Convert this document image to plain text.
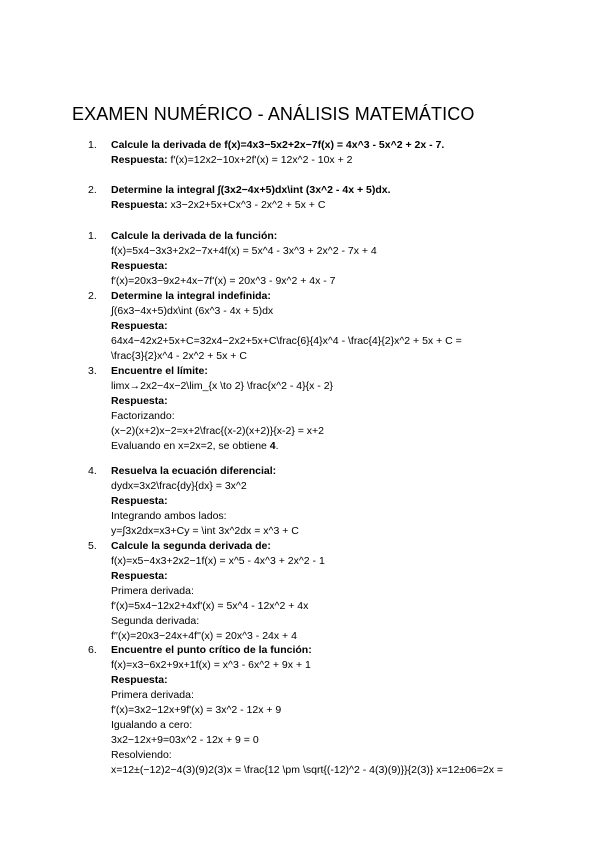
EXAMEN NUMÉRICO - ANÁLISIS MATEMÁTICO
1.	Calcule la derivada de f(x)=4x3−5x2+2x−7f(x) = 4x^3 - 5x^2 + 2x - 7.
Respuesta: f′(x)=12x2−10x+2f'(x) = 12x^2 - 10x + 2
2.	Determine la integral ∫(3x2−4x+5)dx\int (3x^2 - 4x + 5)dx.
Respuesta: x3−2x2+5x+Cx^3 - 2x^2 + 5x + C
1.	Calcule la derivada de la función:
f(x)=5x4−3x3+2x2−7x+4f(x) = 5x^4 - 3x^3 + 2x^2 - 7x + 4
Respuesta:
f′(x)=20x3−9x2+4x−7f'(x) = 20x^3 - 9x^2 + 4x - 7
2.	Determine la integral indefinida:
∫(6x3−4x+5)dx\int (6x^3 - 4x + 5)dx
Respuesta:
64x4−42x2+5x+C=32x4−2x2+5x+C\frac{6}{4}x^4 - \frac{4}{2}x^2 + 5x + C =
\frac{3}{2}x^4 - 2x^2 + 5x + C
3.	Encuentre el límite:
limx→2x2−4x−2\lim_{x \to 2} \frac{x^2 - 4}{x - 2}
Respuesta:
Factorizando:
(x−2)(x+2)x−2=x+2\frac{(x-2)(x+2)}{x-2} = x+2
Evaluando en x=2x=2, se obtiene 4.
4.	Resuelva la ecuación diferencial:
dydx=3x2\frac{dy}{dx} = 3x^2
Respuesta:
Integrando ambos lados:
y=∫3x2dx=x3+Cy = \int 3x^2dx = x^3 + C
5.	Calcule la segunda derivada de:
f(x)=x5−4x3+2x2−1f(x) = x^5 - 4x^3 + 2x^2 - 1
Respuesta:
Primera derivada:
f′(x)=5x4−12x2+4xf'(x) = 5x^4 - 12x^2 + 4x
Segunda derivada:
f′′(x)=20x3−24x+4f''(x) = 20x^3 - 24x + 4
6.	Encuentre el punto crítico de la función:
f(x)=x3−6x2+9x+1f(x) = x^3 - 6x^2 + 9x + 1
Respuesta:
Primera derivada:
f′(x)=3x2−12x+9f'(x) = 3x^2 - 12x + 9
Igualando a cero:
3x2−12x+9=03x^2 - 12x + 9 = 0
Resolviendo:
x=12±(−12)2−4(3)(9)2(3)x = \frac{12 \pm \sqrt{(-12)^2 - 4(3)(9)}}{2(3)} x=12±06=2x =
